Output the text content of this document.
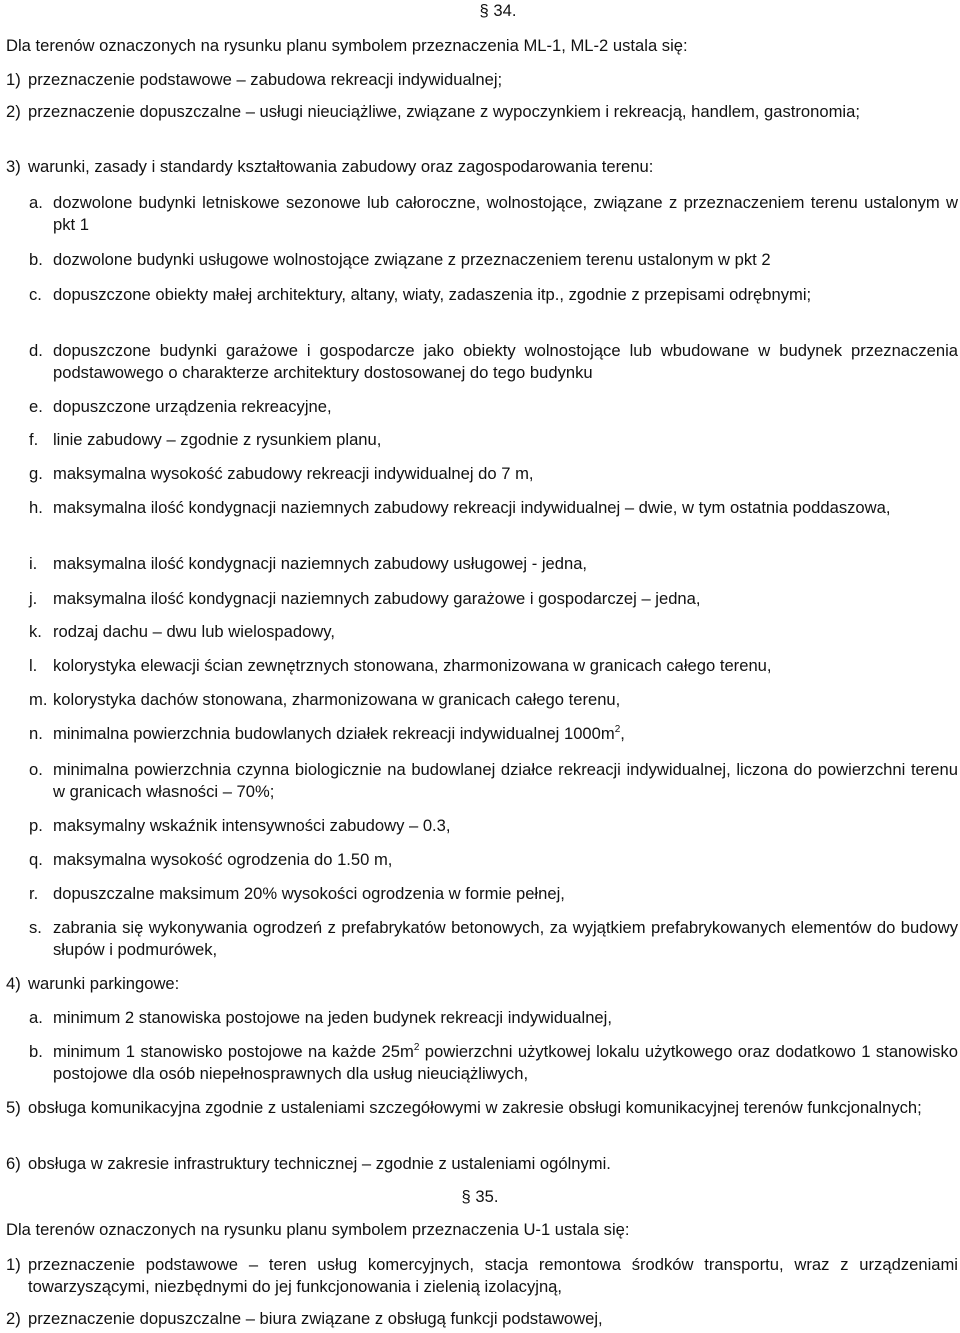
§ 34.
Dla terenów oznaczonych na rysunku planu symbolem przeznaczenia ML-1, ML-2 ustala się:
1) przeznaczenie podstawowe – zabudowa rekreacji indywidualnej;
2) przeznaczenie dopuszczalne – usługi nieuciążliwe, związane z wypoczynkiem i rekreacją, handlem, gastronomia;
3) warunki, zasady i standardy kształtowania zabudowy oraz zagospodarowania terenu:
a. dozwolone budynki letniskowe sezonowe lub całoroczne, wolnostojące, związane z przeznaczeniem terenu ustalonym w pkt 1
b. dozwolone budynki usługowe wolnostojące związane z przeznaczeniem terenu ustalonym w pkt 2
c. dopuszczone obiekty małej architektury, altany, wiaty, zadaszenia itp., zgodnie z przepisami odrębnymi;
d. dopuszczone budynki garażowe i gospodarcze jako obiekty wolnostojące lub wbudowane w budynek przeznaczenia podstawowego o charakterze architektury dostosowanej do tego budynku
e. dopuszczone urządzenia rekreacyjne,
f. linie zabudowy – zgodnie z rysunkiem planu,
g. maksymalna wysokość zabudowy rekreacji indywidualnej do 7 m,
h. maksymalna ilość kondygnacji naziemnych zabudowy rekreacji indywidualnej – dwie, w tym ostatnia poddaszowa,
i. maksymalna ilość kondygnacji naziemnych zabudowy usługowej - jedna,
j. maksymalna ilość kondygnacji naziemnych zabudowy garażowe i gospodarczej – jedna,
k. rodzaj dachu – dwu lub wielospadowy,
l. kolorystyka elewacji ścian zewnętrznych stonowana, zharmonizowana w granicach całego terenu,
m. kolorystyka dachów stonowana, zharmonizowana w granicach całego terenu,
n. minimalna powierzchnia budowlanych działek rekreacji indywidualnej $1000m^2$,
o. minimalna powierzchnia czynna biologicznie na budowlanej działce rekreacji indywidualnej, liczona do powierzchni terenu w granicach własności – 70%;
p. maksymalny wskaźnik intensywności zabudowy – 0.3,
q. maksymalna wysokość ogrodzenia do 1.50 m,
r. dopuszczalne maksimum 20% wysokości ogrodzenia w formie pełnej,
s. zabrania się wykonywania ogrodzeń z prefabrykatów betonowych, za wyjątkiem prefabrykowanych elementów do budowy słupów i podmurówek,
4) warunki parkingowe:
a. minimum 2 stanowiska postojowe na jeden budynek rekreacji indywidualnej,
b. minimum 1 stanowisko postojowe na każde $25m^2$ powierzchni użytkowej lokalu użytkowego oraz dodatkowo 1 stanowisko postojowe dla osób niepełnosprawnych dla usług nieuciążliwych,
5) obsługa komunikacyjna zgodnie z ustaleniami szczegółowymi w zakresie obsługi komunikacyjnej terenów funkcjonalnych;
6) obsługa w zakresie infrastruktury technicznej – zgodnie z ustaleniami ogólnymi.
§ 35.
Dla terenów oznaczonych na rysunku planu symbolem przeznaczenia U-1 ustala się:
1) przeznaczenie podstawowe – teren usług komercyjnych, stacja remontowa środków transportu, wraz z urządzeniami towarzyszącymi, niezbędnymi do jej funkcjonowania i zielenią izolacyjną,
2) przeznaczenie dopuszczalne – biura związane z obsługą funkcji podstawowej,
